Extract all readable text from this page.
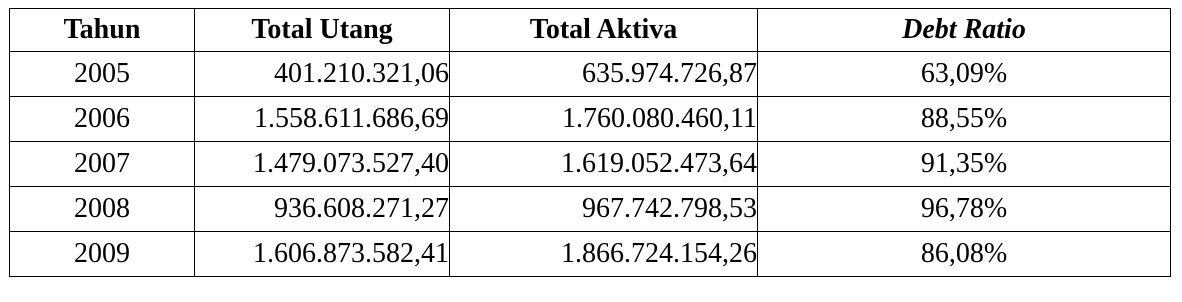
Tahun	Total Utang	Total Aktiva	Debt Ratio
2005	401.210.321,06	635.974.726,87	63,09%
2006	1.558.611.686,69	1.760.080.460,11	88,55%
2007	1.479.073.527,40	1.619.052.473,64	91,35%
2008	936.608.271,27	967.742.798,53	96,78%
2009	1.606.873.582,41	1.866.724.154,26	86,08%
